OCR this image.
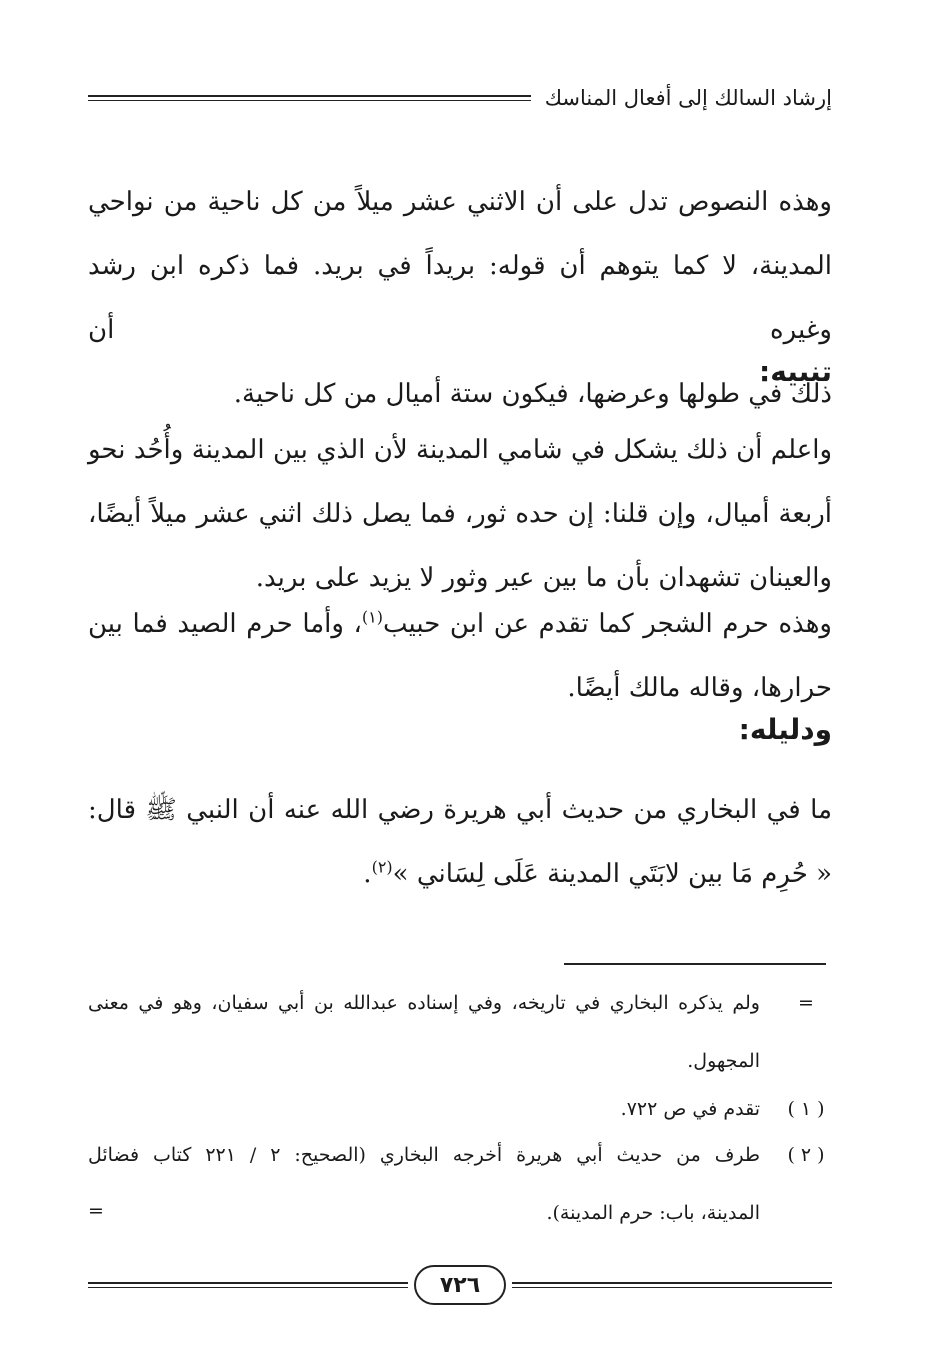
إرشاد السالك إلى أفعال المناسك
وهذه النصوص تدل على أن الاثني عشر ميلاً من كل ناحية من نواحي
المدينة، لا كما يتوهم أن قوله: بريداً في بريد. فما ذكره ابن رشد وغيره أن
ذلك في طولها وعرضها، فيكون ستة أميال من كل ناحية.
تنبيه:
واعلم أن ذلك يشكل في شامي المدينة لأن الذي بين المدينة وأُحُد نحو
أربعة أميال، وإن قلنا: إن حده ثور، فما يصل ذلك اثني عشر ميلاً أيضًا،
والعينان تشهدان بأن ما بين عير وثور لا يزيد على بريد.
وهذه حرم الشجر كما تقدم عن ابن حبيب$^{(١)}$، وأما حرم الصيد فما بين
حرارها، وقاله مالك أيضًا.
ودليله:
ما في البخاري من حديث أبي هريرة رضي الله عنه أن النبي ﷺ قال:
« حُرِم مَا بين لابَتَي المدينة عَلَى لِسَاني »$^{(٢)}$.
=
ولم يذكره البخاري في تاريخه، وفي إسناده عبدالله بن أبي سفيان، وهو في معنى
المجهول.
( ١ )
تقدم في ص ٧٢٢.
( ٢ )
طرف من حديث أبي هريرة أخرجه البخاري (الصحيح: ٢ / ٢٢١ كتاب فضائل
المدينة، باب: حرم المدينة).
=
٧٢٦
